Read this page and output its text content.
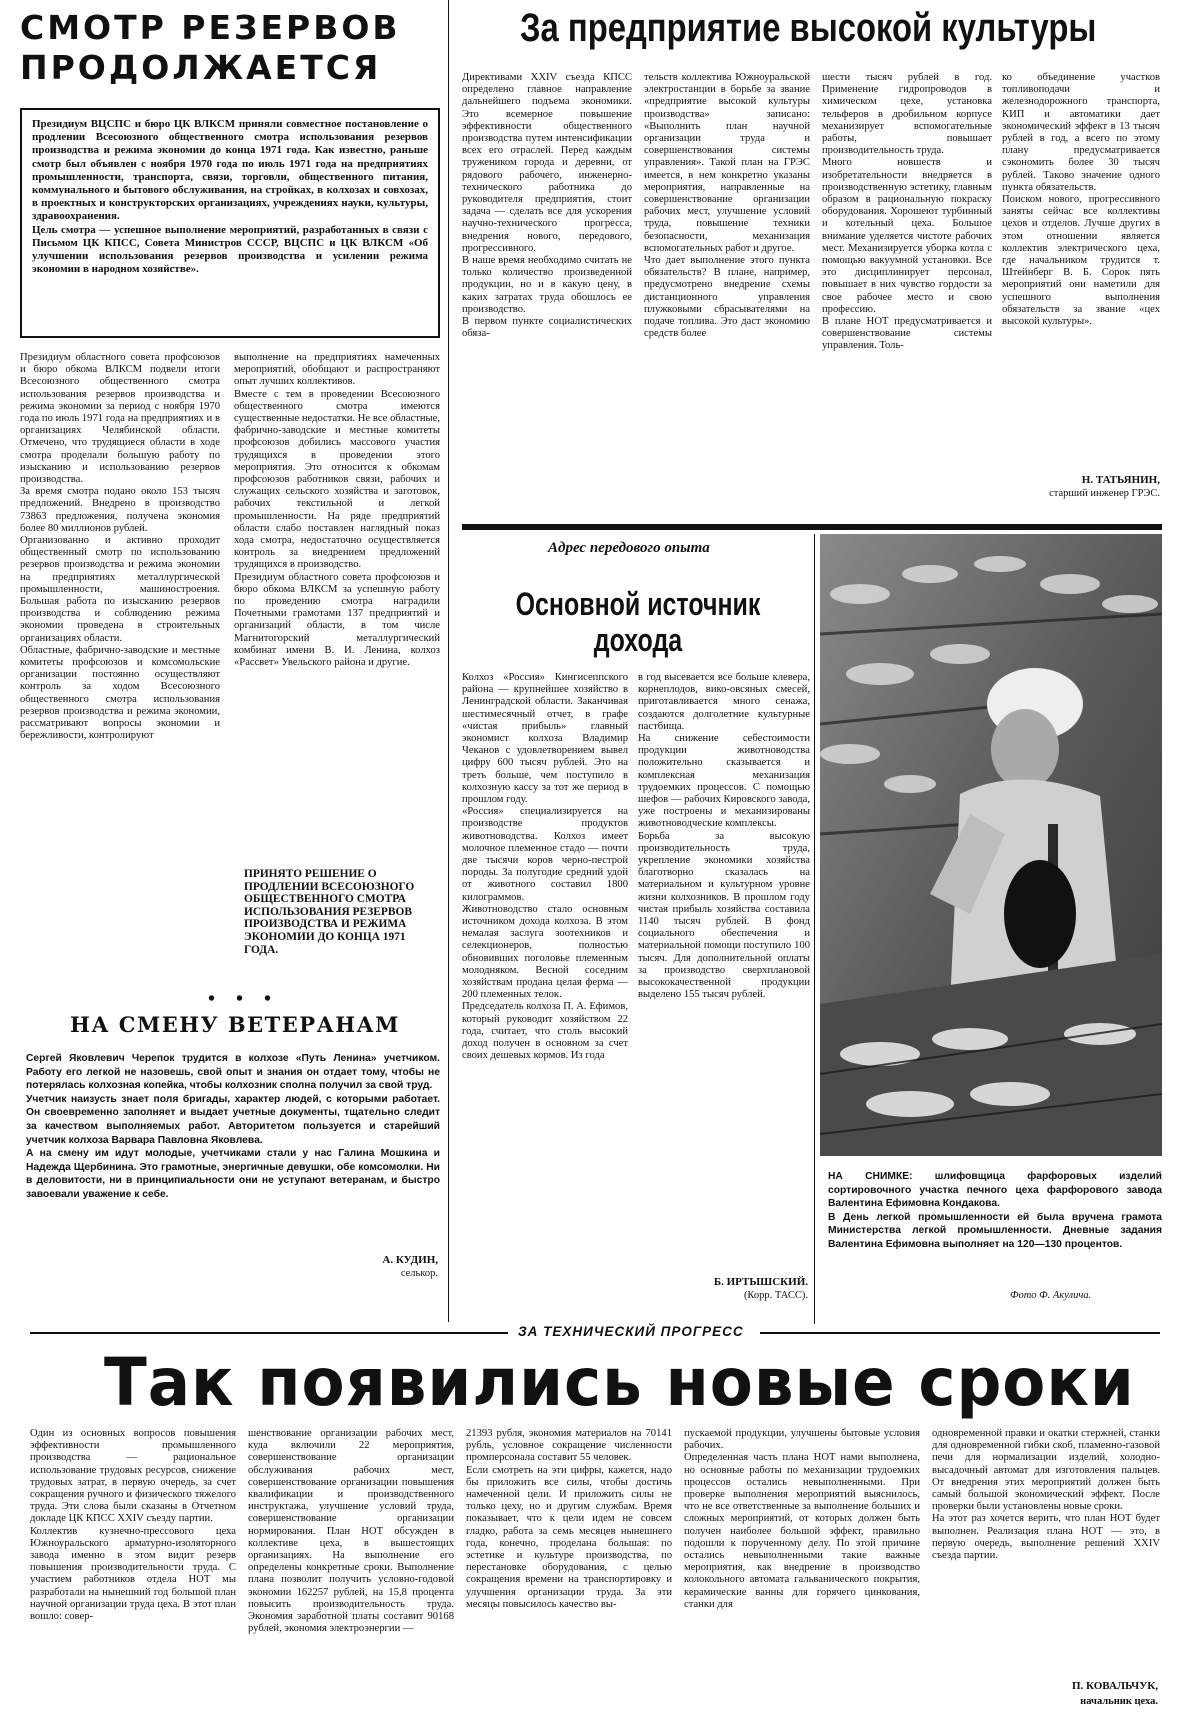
СМОТР РЕЗЕРВОВ
ПРОДОЛЖАЕТСЯ
Президиум ВЦСПС и бюро ЦК ВЛКСМ приняли совместное постановление о продлении Всесоюзного общественного смотра использования резервов производства и режима экономии до конца 1971 года. Как известно, раньше смотр был объявлен с ноября 1970 года по июль 1971 года на предприятиях промышленности, транспорта, связи, торговли, общественного питания, коммунального и бытового обслуживания, на стройках, в колхозах и совхозах, в проектных и конструкторских организациях, учреждениях науки, культуры, здравоохранения.
Цель смотра — успешное выполнение мероприятий, разработанных в связи с Письмом ЦК КПСС, Совета Министров СССР, ВЦСПС и ЦК ВЛКСМ «Об улучшении использования резервов производства и усилении режима экономии в народном хозяйстве».
Президиум областного совета профсоюзов и бюро обкома ВЛКСМ подвели итоги Всесоюзного общественного смотра использования резервов производства и режима экономии за период с ноября 1970 года по июль 1971 года на предприятиях и в организациях Челябинской области. Отмечено, что трудящиеся области в ходе смотра проделали большую работу по изысканию и использованию резервов производства.
За время смотра подано около 153 тысяч предложений. Внедрено в производство 73863 предложения, получена экономия более 80 миллионов рублей.
Организованно и активно проходит общественный смотр по использованию резервов производства и режима экономии на предприятиях металлургической промышленности, машиностроения. Большая работа по изысканию резервов производства и соблюдению режима экономии проведена в строительных организациях области.
Областные, фабрично-заводские и местные комитеты профсоюзов и комсомольские организации постоянно осуществляют контроль за ходом Всесоюзного общественного смотра использования резервов производства и режима экономии, рассматривают вопросы экономии и бережливости, контролируют
выполнение на предприятиях намеченных мероприятий, обобщают и распространяют опыт лучших коллективов.
Вместе с тем в проведении Всесоюзного общественного смотра имеются существенные недостатки. Не все областные, фабрично-заводские и местные комитеты профсоюзов добились массового участия трудящихся в проведении этого мероприятия. Это относится к обкомам профсоюзов работников связи, рабочих и служащих сельского хозяйства и заготовок, рабочих текстильной и легкой промышленности. На ряде предприятий области слабо поставлен наглядный показ хода смотра, недостаточно осуществляется контроль за внедрением предложений трудящихся в производство.
Президиум областного совета профсоюзов и бюро обкома ВЛКСМ за успешную работу по проведению смотра наградили Почетными грамотами 137 предприятий и организаций области, в том числе Магнитогорский металлургический комбинат имени В. И. Ленина, колхоз «Рассвет» Увельского района и другие.
ПРИНЯТО РЕШЕНИЕ О ПРОДЛЕНИИ ВСЕСОЮЗНОГО ОБЩЕСТВЕННОГО СМОТРА ИСПОЛЬЗОВАНИЯ РЕЗЕРВОВ ПРОИЗВОДСТВА И РЕЖИМА ЭКОНОМИИ ДО КОНЦА 1971 ГОДА.
• • •
НА СМЕНУ ВЕТЕРАНАМ
Сергей Яковлевич Черепок трудится в колхозе «Путь Ленина» учетчиком. Работу его легкой не назовешь, свой опыт и знания он отдает тому, чтобы не потерялась колхозная копейка, чтобы колхозник сполна получил за свой труд.
Учетчик наизусть знает поля бригады, характер людей, с которыми работает. Он своевременно заполняет и выдает учетные документы, тщательно следит за качеством выполняемых работ. Авторитетом пользуется и старейший учетчик колхоза Варвара Павловна Яковлева.
А на смену им идут молодые, учетчиками стали у нас Галина Мошкина и Надежда Щербинина. Это грамотные, энергичные девушки, обе комсомолки. Ни в деловитости, ни в принципиальности они не уступают ветеранам, и быстро завоевали уважение к себе.
А. КУДИН,
селькор.
За предприятие высокой культуры
Директивами XXIV съезда КПСС определено главное направление дальнейшего подъема экономики. Это всемерное повышение эффективности общественного производства путем интенсификации всех его отраслей. Перед каждым тружеником города и деревни, от рядового рабочего, инженерно-технического работника до руководителя предприятия, стоит задача — сделать все для ускорения научно-технического прогресса, внедрения нового, передового, прогрессивного.
В наше время необходимо считать не только количество произведенной продукции, но и в какую цену, в каких затратах труда обошлось ее производство.
В первом пункте социалистических обяза-
тельств коллектива Южноуральской электростанции в борьбе за звание «предприятие высокой культуры производства» записано: «Выполнить план научной организации труда и совершенствования системы управления». Такой план на ГРЭС имеется, в нем конкретно указаны мероприятия, направленные на совершенствование организации рабочих мест, улучшение условий труда, повышение техники безопасности, механизация вспомогательных работ и другое.
Что дает выполнение этого пункта обязательств? В плане, например, предусмотрено внедрение схемы дистанционного управления плужковыми сбрасывателями на подаче топлива. Это даст экономию средств более
шести тысяч рублей в год. Применение гидропроводов в химическом цехе, установка тельферов в дробильном корпусе механизирует вспомогательные работы, повышает производительность труда.
Много новшеств и изобретательности внедряется в производственную эстетику, главным образом в рациональную покраску оборудования. Хорошеют турбинный и котельный цеха. Большое внимание уделяется чистоте рабочих мест. Механизируется уборка котла с помощью вакуумной установки. Все это дисциплинирует персонал, повышает в них чувство гордости за свое рабочее место и свою профессию.
В плане НОТ предусматривается и совершенствование системы управления. Толь-
ко объединение участков топливоподачи и железнодорожного транспорта, КИП и автоматики дает экономический эффект в 13 тысяч рублей в год, а всего по этому плану предусматривается сэкономить более 30 тысяч рублей. Таково значение одного пункта обязательств.
Поиском нового, прогрессивного заняты сейчас все коллективы цехов и отделов. Лучше других в этом отношении является коллектив электрического цеха, где начальником трудится т. Штейнберг В. Б. Сорок пять мероприятий они наметили для успешного выполнения обязательств за звание «цех высокой культуры».
Н. ТАТЬЯНИН,
старший инженер ГРЭС.
Адрес передового опыта
Основной источник
дохода
Колхоз «Россия» Кингисеппского района — крупнейшее хозяйство в Ленинградской области. Заканчивая шестимесячный отчет, в графе «чистая прибыль» главный экономист колхоза Владимир Чеканов с удовлетворением вывел цифру 600 тысяч рублей. Это на треть больше, чем поступило в колхозную кассу за тот же период в прошлом году.
«Россия» специализируется на производстве продуктов животноводства. Колхоз имеет молочное племенное стадо — почти две тысячи коров черно-пестрой породы. За полугодие средний удой от животного составил 1800 килограммов.
Животноводство стало основным источником дохода колхоза. В этом немалая заслуга зоотехников и селекционеров, полностью обновивших поголовье племенным молодняком. Весной соседним хозяйствам продана целая ферма — 200 племенных телок.
Председатель колхоза П. А. Ефимов, который руководит хозяйством 22 года, считает, что столь высокий доход получен в основном за счет своих дешевых кормов. Из года
в год высевается все больше клевера, корнеплодов, вико-овсяных смесей, приготавливается много сенажа, создаются долголетние культурные пастбища.
На снижение себестоимости продукции животноводства положительно сказывается и комплексная механизация трудоемких процессов. С помощью шефов — рабочих Кировского завода, уже построены и механизированы животноводческие комплексы.
Борьба за высокую производительность труда, укрепление экономики хозяйства благотворно сказалась на материальном и культурном уровне жизни колхозников. В прошлом году чистая прибыль хозяйства составила 1140 тысяч рублей. В фонд социального обеспечения и материальной помощи поступило 100 тысяч. Для дополнительной оплаты за производство сверхплановой высококачественной продукции выделено 155 тысяч рублей.
Б. ИРТЫШСКИЙ.
(Корр. ТАСС).
НА СНИМКЕ: шлифовщица фарфоровых изделий сортировочного участка печного цеха фарфорового завода Валентина Ефимовна Кондакова.
В День легкой промышленности ей была вручена грамота Министерства легкой промышленности. Дневные задания Валентина Ефимовна выполняет на 120—130 процентов.
Фото Ф. Акулича.
ЗА ТЕХНИЧЕСКИЙ ПРОГРЕСС
Так появились новые сроки
Один из основных вопросов повышения эффективности промышленного производства — рациональное использование трудовых ресурсов, снижение трудовых затрат, в первую очередь, за счет сокращения ручного и физического тяжелого труда. Эти слова были сказаны в Отчетном докладе ЦК КПСС XXIV съезду партии.
Коллектив кузнечно-прессового цеха Южноуральского арматурно-изоляторного завода именно в этом видит резерв повышения производительности труда. С участием работников отдела НОТ мы разработали на нынешний год большой план научной организации труда цеха. В этот план вошло: совер-
шенствование организации рабочих мест, куда включили 22 мероприятия, совершенствование организации обслуживания рабочих мест, совершенствование организации повышения квалификации и производственного инструктажа, улучшение условий труда, совершенствование организации нормирования. План НОТ обсужден в коллективе цеха, в вышестоящих организациях. На выполнение его определены конкретные сроки. Выполнение плана позволит получить условно-годовой экономии 162257 рублей, на 15,8 процента повысить производительность труда. Экономия заработной платы составит 90168 рублей, экономия электроэнергии —
21393 рубля, экономия материалов на 70141 рубль, условное сокращение численности промперсонала составит 55 человек.
Если смотреть на эти цифры, кажется, надо бы приложить все силы, чтобы достичь намеченной цели. И приложить силы не только цеху, но и другим службам. Время показывает, что к цели идем не совсем гладко, работа за семь месяцев нынешнего года, конечно, проделана большая: по эстетике и культуре производства, по перестановке оборудования, с целью сокращения времени на транспортировку и улучшения организации труда. За эти месяцы повысилось качество вы-
пускаемой продукции, улучшены бытовые условия рабочих.
Определенная часть плана НОТ нами выполнена, но основные работы по механизации трудоемких процессов остались невыполненными. При проверке выполнения мероприятий выяснилось, что не все ответственные за выполнение больших и сложных мероприятий, от которых должен быть получен наиболее большой эффект, правильно подошли к порученному делу. По этой причине остались невыполненными такие важные мероприятия, как внедрение в производство колокольного автомата гальванического покрытия, керамические ванны для горячего цинкования, станки для
одновременной правки и окатки стержней, станки для одновременной гибки скоб, пламенно-газовой печи для нормализации изделий, холодно-высадочный автомат для изготовления пальцев. От внедрения этих мероприятий должен быть самый большой экономический эффект. После проверки были установлены новые сроки.
На этот раз хочется верить, что план НОТ будет выполнен. Реализация плана НОТ — это, в первую очередь, выполнение решений XXIV съезда партии.
П. КОВАЛЬЧУК,
начальник цеха.
